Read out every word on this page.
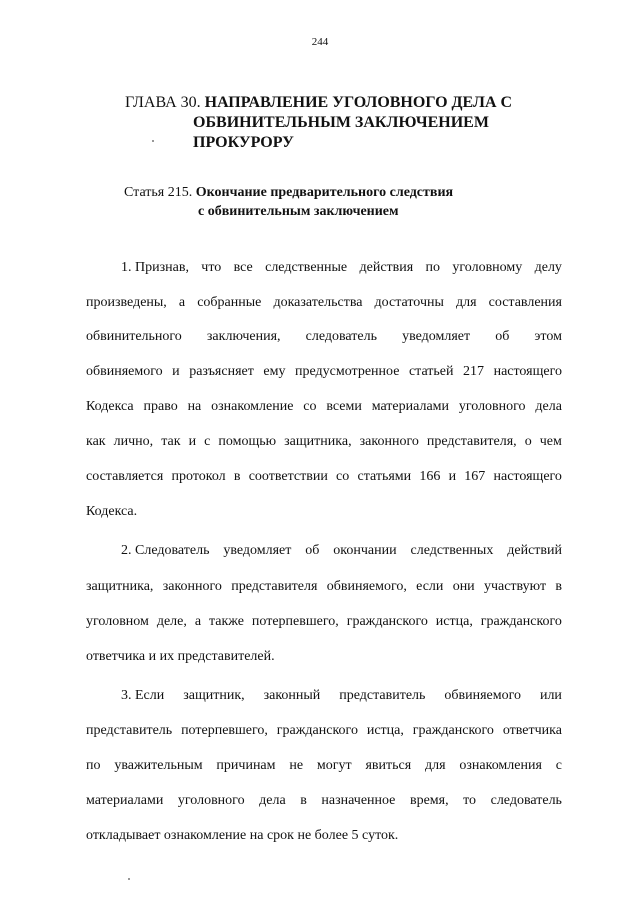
244
ГЛАВА 30. НАПРАВЛЕНИЕ УГОЛОВНОГО ДЕЛА С
ОБВИНИТЕЛЬНЫМ ЗАКЛЮЧЕНИЕМ
ПРОКУРОРУ
Статья 215. Окончание предварительного следствия
с обвинительным заключением
1. Признав, что все следственные действия по уголовному делу
произведены, а собранные доказательства достаточны для составления
обвинительного заключения, следователь уведомляет об этом
обвиняемого и разъясняет ему предусмотренное статьей 217 настоящего
Кодекса право на ознакомление со всеми материалами уголовного дела
как лично, так и с помощью защитника, законного представителя, о чем
составляется протокол в соответствии со статьями 166 и 167 настоящего
Кодекса.
2. Следователь уведомляет об окончании следственных действий
защитника, законного представителя обвиняемого, если они участвуют в
уголовном деле, а также потерпевшего, гражданского истца, гражданского
ответчика и их представителей.
3. Если защитник, законный представитель обвиняемого или
представитель потерпевшего, гражданского истца, гражданского ответчика
по уважительным причинам не могут явиться для ознакомления с
материалами уголовного дела в назначенное время, то следователь
откладывает ознакомление на срок не более 5 суток.
